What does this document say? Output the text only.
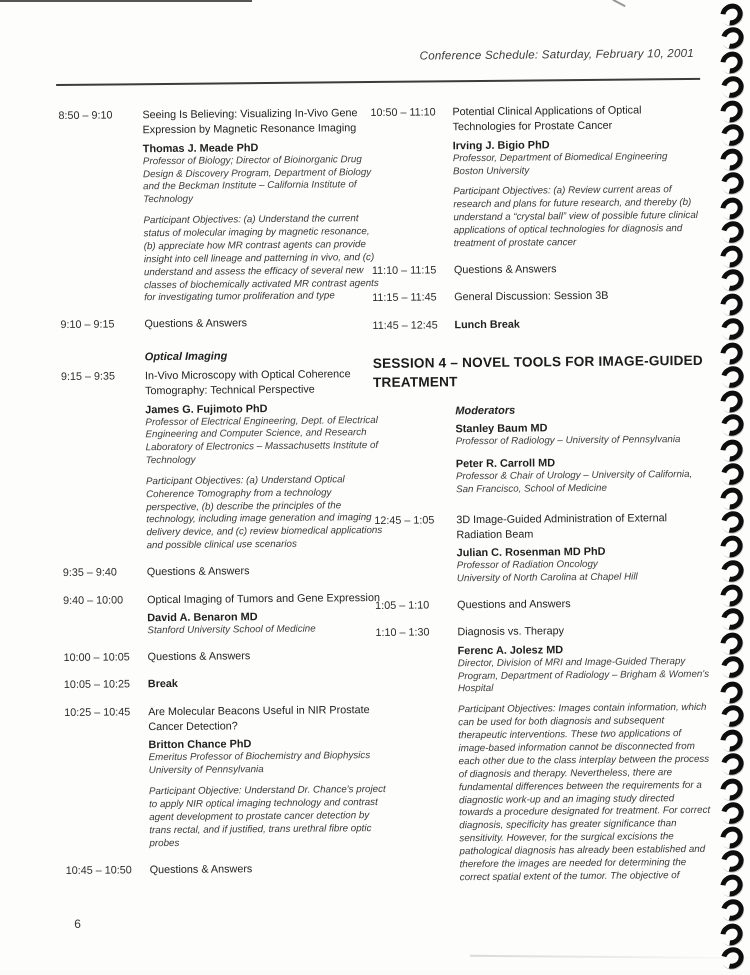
Conference Schedule: Saturday, February 10, 2001
8:50 – 9:10	Seeing Is Believing: Visualizing In-Vivo Gene Expression by Magnetic Resonance Imaging
Thomas J. Meade PhD
Professor of Biology; Director of Bioinorganic Drug Design & Discovery Program, Department of Biology and the Beckman Institute – California Institute of Technology
Participant Objectives: (a) Understand the current status of molecular imaging by magnetic resonance, (b) appreciate how MR contrast agents can provide insight into cell lineage and patterning in vivo, and (c) understand and assess the efficacy of several new classes of biochemically activated MR contrast agents for investigating tumor proliferation and type
9:10 – 9:15	Questions & Answers
Optical Imaging
9:15 – 9:35	In-Vivo Microscopy with Optical Coherence Tomography: Technical Perspective
James G. Fujimoto PhD
Professor of Electrical Engineering, Dept. of Electrical Engineering and Computer Science, and Research Laboratory of Electronics – Massachusetts Institute of Technology
Participant Objectives: (a) Understand Optical Coherence Tomography from a technology perspective, (b) describe the principles of the technology, including image generation and imaging delivery device, and (c) review biomedical applications and possible clinical use scenarios
9:35 – 9:40	Questions & Answers
9:40 – 10:00	Optical Imaging of Tumors and Gene Expression
David A. Benaron MD
Stanford University School of Medicine
10:00 – 10:05	Questions & Answers
10:05 – 10:25	Break
10:25 – 10:45	Are Molecular Beacons Useful in NIR Prostate Cancer Detection?
Britton Chance PhD
Emeritus Professor of Biochemistry and Biophysics
University of Pennsylvania
Participant Objective: Understand Dr. Chance's project to apply NIR optical imaging technology and contrast agent development to prostate cancer detection by trans rectal, and if justified, trans urethral fibre optic probes
10:45 – 10:50	Questions & Answers
10:50 – 11:10	Potential Clinical Applications of Optical Technologies for Prostate Cancer
Irving J. Bigio PhD
Professor, Department of Biomedical Engineering
Boston University
Participant Objectives: (a) Review current areas of research and plans for future research, and thereby (b) understand a “crystal ball” view of possible future clinical applications of optical technologies for diagnosis and treatment of prostate cancer
11:10 – 11:15	Questions & Answers
11:15 – 11:45	General Discussion: Session 3B
11:45 – 12:45	Lunch Break
SESSION 4 – NOVEL TOOLS FOR IMAGE-GUIDED TREATMENT
Moderators
Stanley Baum MD
Professor of Radiology – University of Pennsylvania
Peter R. Carroll MD
Professor & Chair of Urology – University of California, San Francisco, School of Medicine
12:45 – 1:05	3D Image-Guided Administration of External Radiation Beam
Julian C. Rosenman MD PhD
Professor of Radiation Oncology
University of North Carolina at Chapel Hill
1:05 – 1:10	Questions and Answers
1:10 – 1:30	Diagnosis vs. Therapy
Ferenc A. Jolesz MD
Director, Division of MRI and Image-Guided Therapy Program, Department of Radiology – Brigham & Women's Hospital
Participant Objectives: Images contain information, which can be used for both diagnosis and subsequent therapeutic interventions. These two applications of image-based information cannot be disconnected from each other due to the class interplay between the process of diagnosis and therapy. Nevertheless, there are fundamental differences between the requirements for a diagnostic work-up and an imaging study directed towards a procedure designated for treatment. For correct diagnosis, specificity has greater significance than sensitivity. However, for the surgical excisions the pathological diagnosis has already been established and therefore the images are needed for determining the correct spatial extent of the tumor. The objective of
6
